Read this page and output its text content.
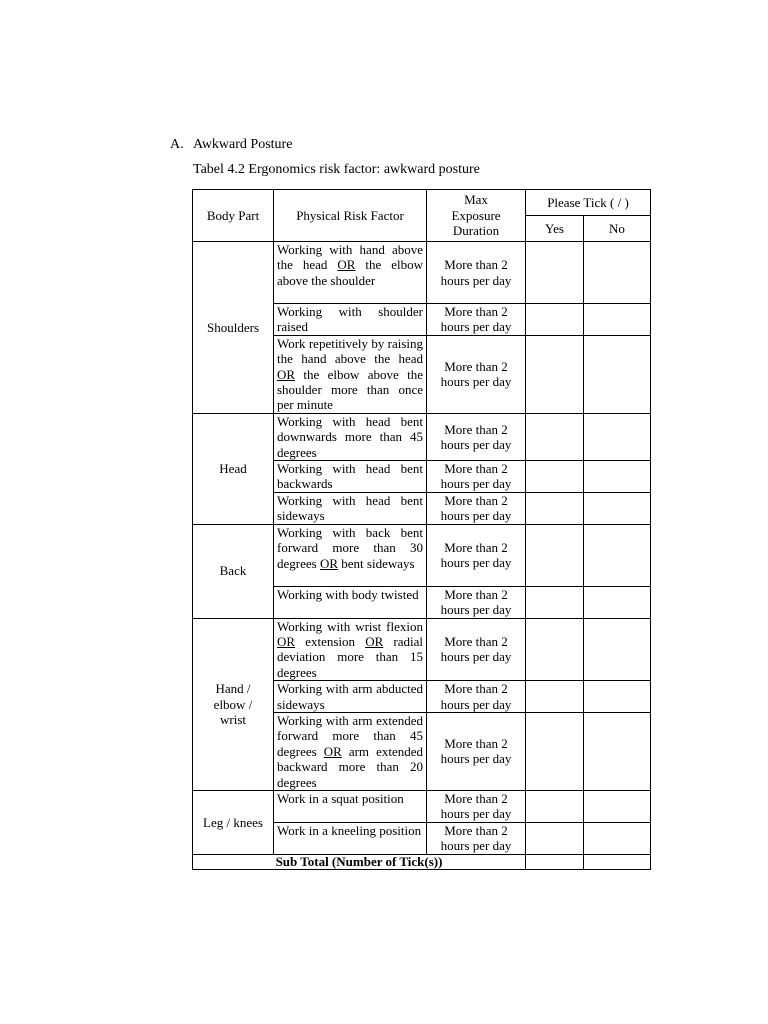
A. Awkward Posture
Tabel 4.2 Ergonomics risk factor: awkward posture
Body Part	Physical Risk Factor	Max Exposure Duration	Please Tick ( / )	
			Yes	No
Shoulders	Working with hand above the head OR the elbow above the shoulder	More than 2 hours per day		

	Working with shoulder raised	More than 2 hours per day		

	Work repetitively by raising the hand above the head OR the elbow above the shoulder more than once per minute	More than 2 hours per day		
Head	Working with head bent downwards more than 45 degrees	More than 2 hours per day		

	Working with head bent backwards	More than 2 hours per day		

	Working with head bent sideways	More than 2 hours per day		
Back	Working with back bent forward more than 30 degrees OR bent sideways	More than 2 hours per day		

	Working with body twisted	More than 2 hours per day		
Hand / elbow / wrist	Working with wrist flexion OR extension OR radial deviation more than 15 degrees	More than 2 hours per day		

	Working with arm abducted sideways	More than 2 hours per day		

	Working with arm extended forward more than 45 degrees OR arm extended backward more than 20 degrees	More than 2 hours per day		
Leg / knees	Work in a squat position	More than 2 hours per day		

	Work in a kneeling position	More than 2 hours per day		
Sub Total (Number of Tick(s))				
